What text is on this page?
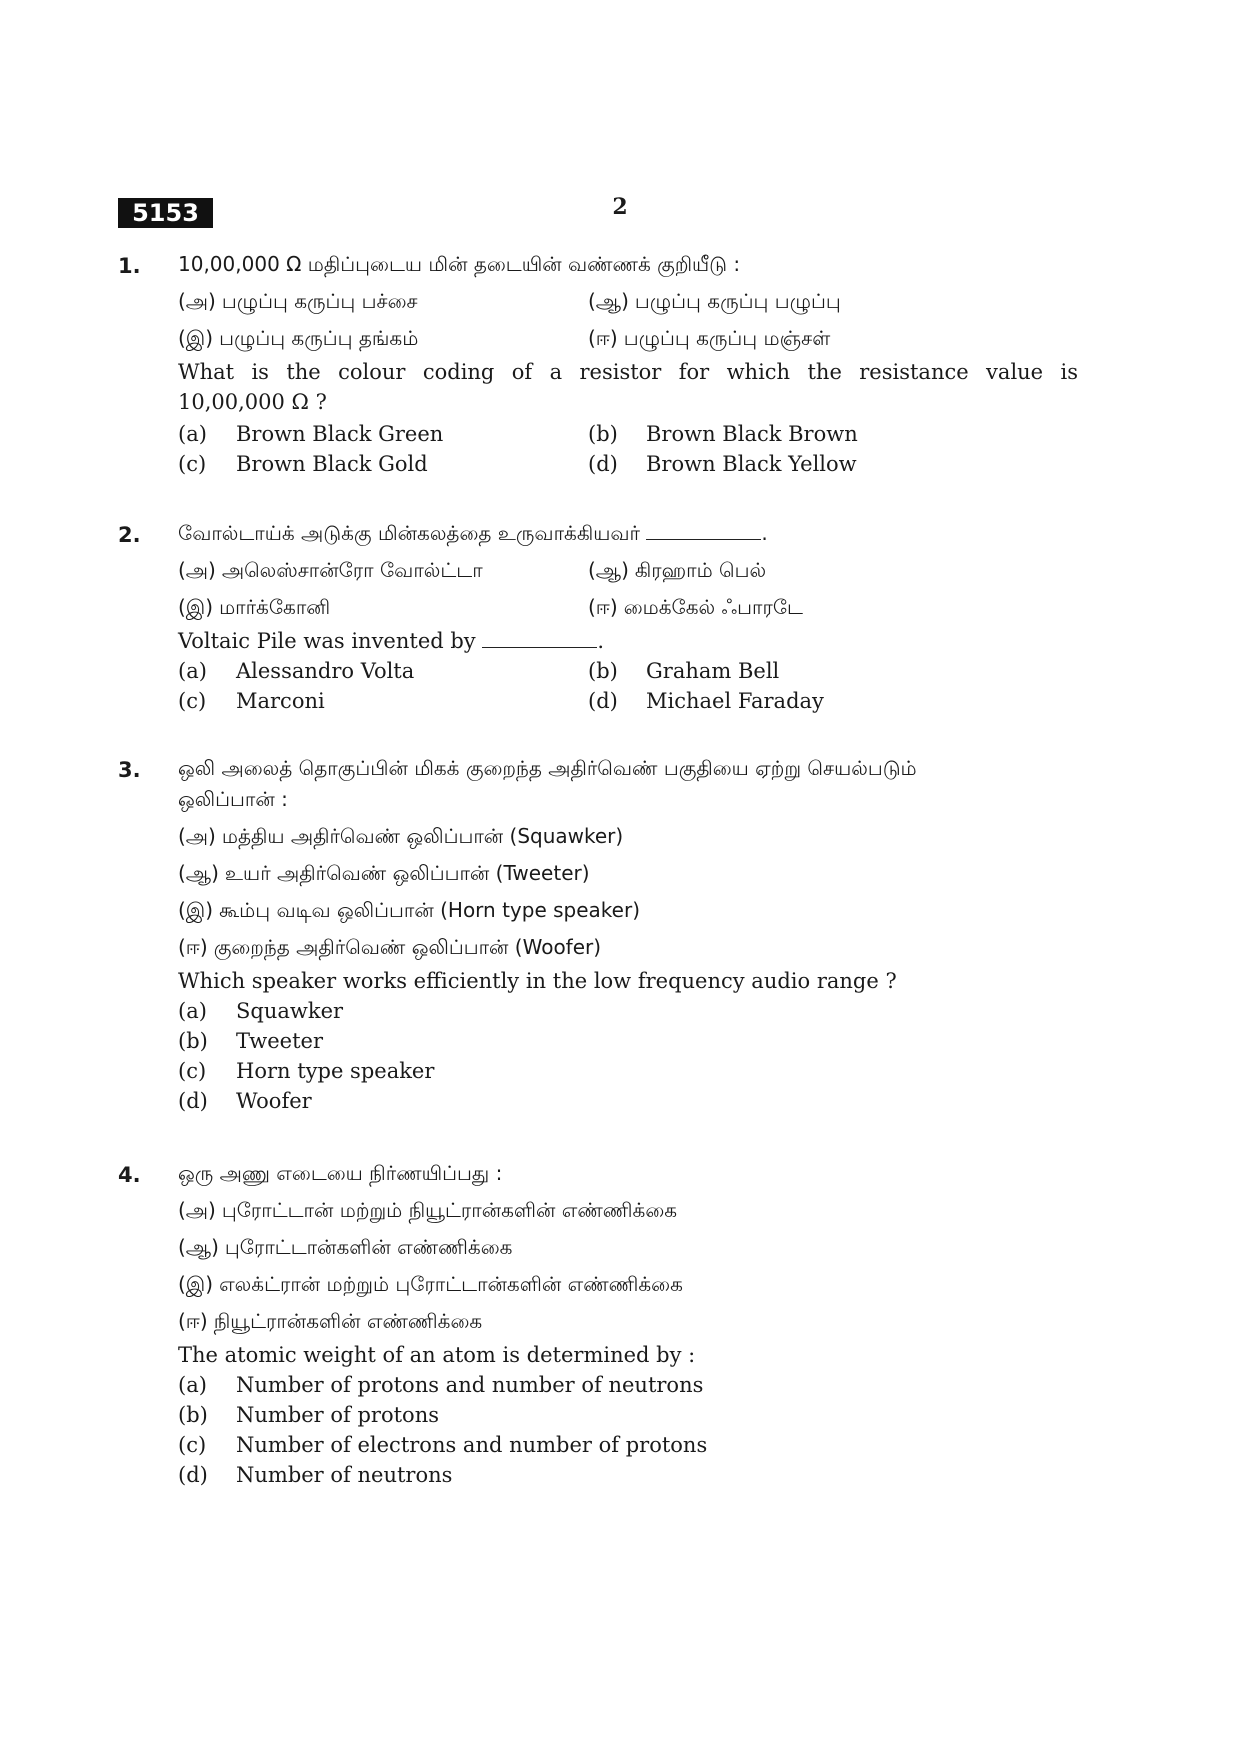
5153	2
1. 10,00,000 Ω மதிப்புடைய மின் தடையின் வண்ணக் குறியீடு :
(அ) பழுப்பு கருப்பு பச்சை	(ஆ) பழுப்பு கருப்பு பழுப்பு
(இ) பழுப்பு கருப்பு தங்கம்	(ஈ) பழுப்பு கருப்பு மஞ்சள்
What is the colour coding of a resistor for which the resistance value is
10,00,000 Ω ?
(a)	Brown Black Green	(b)	Brown Black Brown
(c)	Brown Black Gold	(d)	Brown Black Yellow
2. வோல்டாய்க் அடுக்கு மின்கலத்தை உருவாக்கியவர்	.
(அ) அலெஸ்சான்ரோ வோல்ட்டா	(ஆ) கிரஹாம் பெல்
(இ) மார்க்கோனி	(ஈ) மைக்கேல் ஃபாரடே
Voltaic Pile was invented by	.
(a)	Alessandro Volta	(b)	Graham Bell
(c)	Marconi	(d)	Michael Faraday
3. ஒலி அலைத் தொகுப்பின் மிகக் குறைந்த அதிர்வெண் பகுதியை ஏற்று செயல்படும்
ஒலிப்பான் :
(அ) மத்திய அதிர்வெண் ஒலிப்பான் (Squawker)
(ஆ) உயர் அதிர்வெண் ஒலிப்பான் (Tweeter)
(இ) கூம்பு வடிவ ஒலிப்பான் (Horn type speaker)
(ஈ) குறைந்த அதிர்வெண் ஒலிப்பான் (Woofer)
Which speaker works efficiently in the low frequency audio range ?
(a) Squawker
(b) Tweeter
(c) Horn type speaker
(d) Woofer
4. ஒரு அணு எடையை நிர்ணயிப்பது :
(அ) புரோட்டான் மற்றும் நியூட்ரான்களின் எண்ணிக்கை
(ஆ) புரோட்டான்களின் எண்ணிக்கை
(இ) எலக்ட்ரான் மற்றும் புரோட்டான்களின் எண்ணிக்கை
(ஈ) நியூட்ரான்களின் எண்ணிக்கை
The atomic weight of an atom is determined by :
(a) Number of protons and number of neutrons
(b) Number of protons
(c) Number of electrons and number of protons
(d) Number of neutrons
